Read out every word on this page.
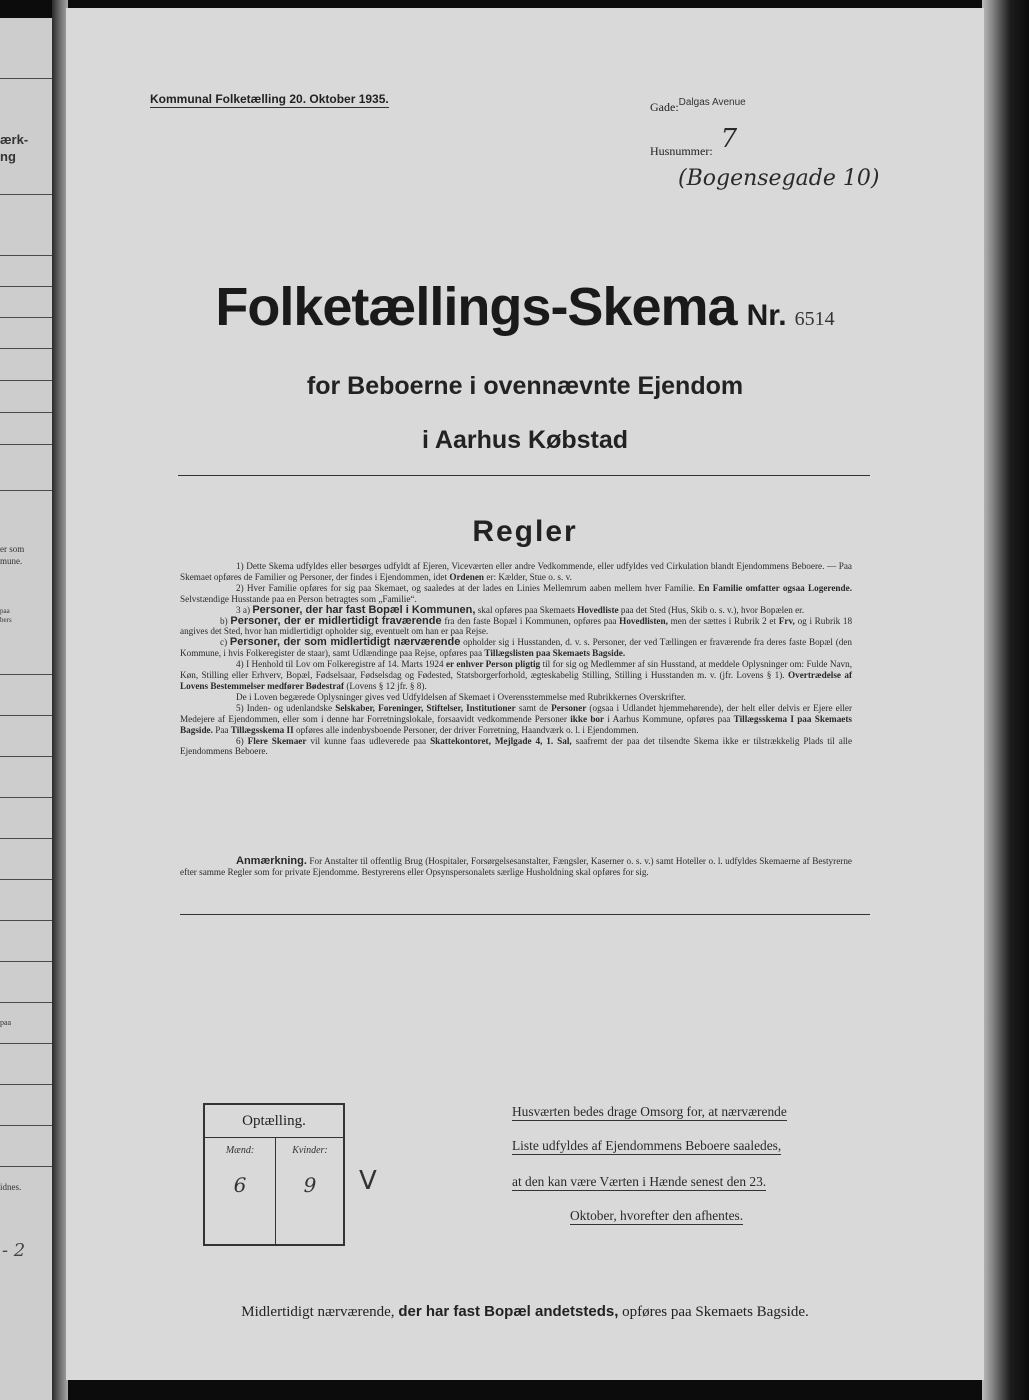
ærk-
ng
er som
mune.
paa
bers
paa
idnes.
- 2
Kommunal Folketælling 20. Oktober 1935.
Gade:$^{Dalgas Avenue}$
Husnummer: 7
(Bogensegade 10)
Folketællings-Skema Nr. 6514
for Beboerne i ovennævnte Ejendom
i Aarhus Købstad
Regler

1) Dette Skema udfyldes eller besørges udfyldt af Ejeren, Viceværten eller andre Vedkommende, eller udfyldes ved Cirkulation blandt Ejendommens Beboere. — Paa Skemaet opføres de Familier og Personer, der findes i Ejendommen, idet Ordenen er: Kælder, Stue o. s. v.

2) Hver Familie opføres for sig paa Skemaet, og saaledes at der lades en Linies Mellemrum aaben mellem hver Familie. En Familie omfatter ogsaa Logerende. Selvstændige Husstande paa en Person betragtes som „Familie“.

3 a) Personer, der har fast Bopæl i Kommunen, skal opføres paa Skemaets Hovedliste paa det Sted (Hus, Skib o. s. v.), hvor Bopælen er.

b) Personer, der er midlertidigt fraværende fra den faste Bopæl i Kommunen, opføres paa Hovedlisten, men der sættes i Rubrik 2 et Frv, og i Rubrik 18 angives det Sted, hvor han midlertidigt opholder sig, eventuelt om han er paa Rejse.

c) Personer, der som midlertidigt nærværende opholder sig i Husstanden, d. v. s. Personer, der ved Tællingen er fraværende fra deres faste Bopæl (den Kommune, i hvis Folkeregister de staar), samt Udlændinge paa Rejse, opføres paa Tillægslisten paa Skemaets Bagside.

4) I Henhold til Lov om Folkeregistre af 14. Marts 1924 er enhver Person pligtig til for sig og Medlemmer af sin Husstand, at meddele Oplysninger om: Fulde Navn, Køn, Stilling eller Erhverv, Bopæl, Fødselsaar, Fødselsdag og Fødested, Statsborgerforhold, ægteskabelig Stilling, Stilling i Husstanden m. v. (jfr. Lovens § 1). Overtrædelse af Lovens Bestemmelser medfører Bødestraf (Lovens § 12 jfr. § 8).

De i Loven begærede Oplysninger gives ved Udfyldelsen af Skemaet i Overensstemmelse med Rubrikkernes Overskrifter.

5) Inden- og udenlandske Selskaber, Foreninger, Stiftelser, Institutioner samt de Personer (ogsaa i Udlandet hjemmehørende), der helt eller delvis er Ejere eller Medejere af Ejendommen, eller som i denne har Forretningslokale, forsaavidt vedkommende Personer ikke bor i Aarhus Kommune, opføres paa Tillægsskema I paa Skemaets Bagside. Paa Tillægsskema II opføres alle indenbysboende Personer, der driver Forretning, Haandværk o. l. i Ejendommen.

6) Flere Skemaer vil kunne faas udleverede paa Skattekontoret, Mejlgade 4, 1. Sal, saafremt der paa det tilsendte Skema ikke er tilstrækkelig Plads til alle Ejendommens Beboere.

Anmærkning. For Anstalter til offentlig Brug (Hospitaler, Forsørgelsesanstalter, Fængsler, Kaserner o. s. v.) samt Hoteller o. l. udfyldes Skemaerne af Bestyrerne efter samme Regler som for private Ejendomme. Bestyrerens eller Opsynspersonalets særlige Husholdning skal opføres for sig.

Optælling.
Mænd:
6
Kvinder:
9	V
Husværten bedes drage Omsorg for, at nærværende
Liste udfyldes af Ejendommens Beboere saaledes,
at den kan være Værten i Hænde senest den 23.
Oktober, hvorefter den afhentes.
Midlertidigt nærværende, der har fast Bopæl andetsteds, opføres paa Skemaets Bagside.
